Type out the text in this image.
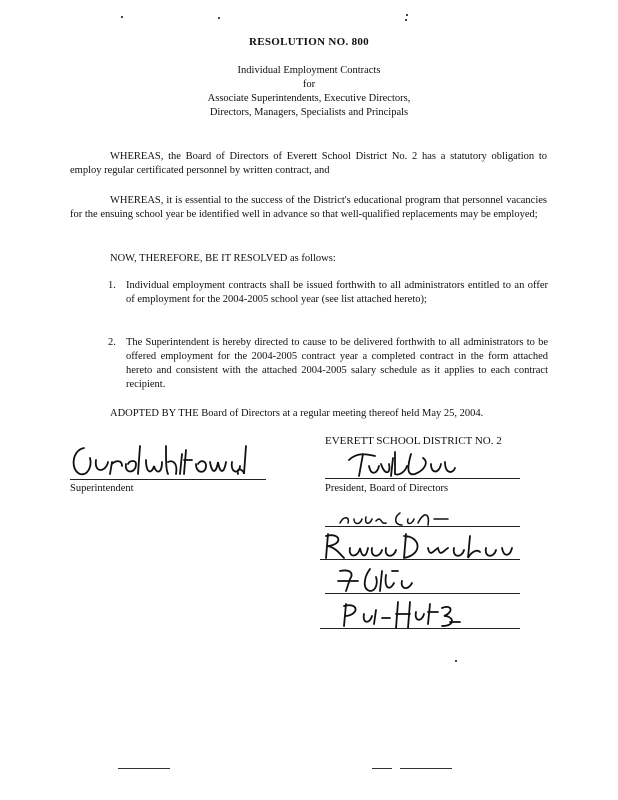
RESOLUTION NO. 800
Individual Employment Contracts
for
Associate Superintendents, Executive Directors,
Directors, Managers, Specialists and Principals
WHEREAS, the Board of Directors of Everett School District No. 2 has a statutory obligation to employ regular certificated personnel by written contract, and
WHEREAS, it is essential to the success of the District's educational program that personnel vacancies for the ensuing school year be identified well in advance so that well-qualified replacements may be employed;
NOW, THEREFORE, BE IT RESOLVED as follows:
1. Individual employment contracts shall be issued forthwith to all administrators entitled to an offer of employment for the 2004-2005 school year (see list attached hereto);
2. The Superintendent is hereby directed to cause to be delivered forthwith to all administrators to be offered employment for the 2004-2005 contract year a completed contract in the form attached hereto and consistent with the attached 2004-2005 salary schedule as it applies to each contract recipient.
ADOPTED BY THE Board of Directors at a regular meeting thereof held May 25, 2004.
EVERETT SCHOOL DISTRICT NO. 2
Superintendent	President, Board of Directors
